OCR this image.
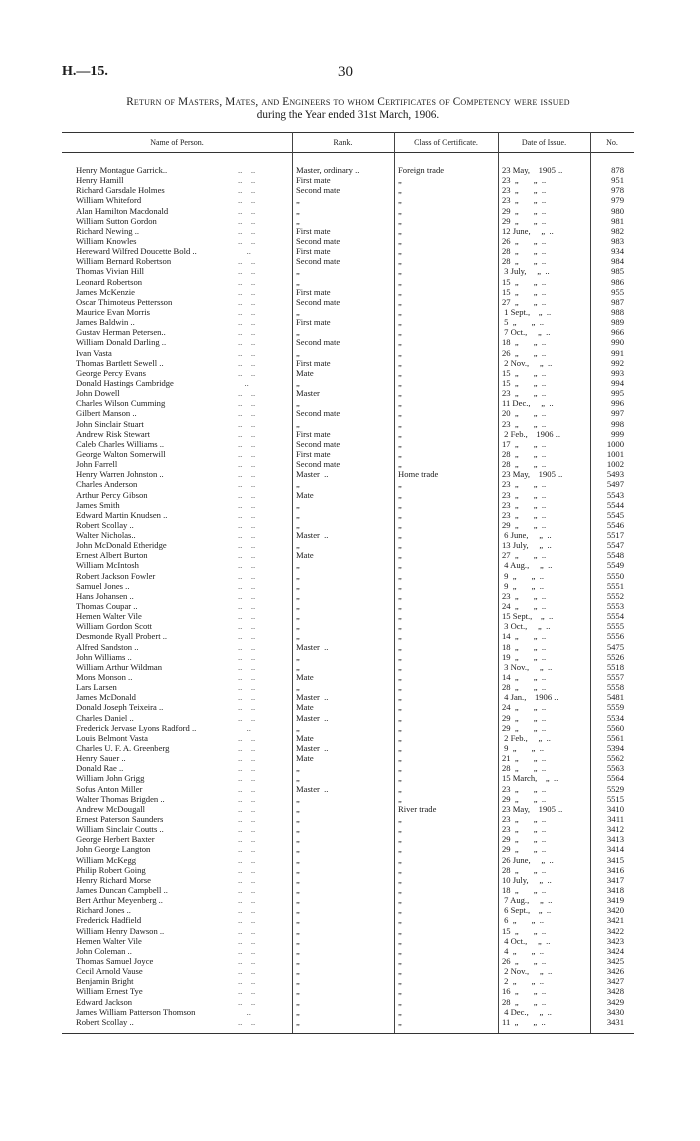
H.—15.	30
Return of Masters, Mates, and Engineers to whom Certificates of Competency were issued
during the Year ended 31st March, 1906.
Name of Person.	Rank.	Class of Certificate.	Date of Issue.	No.
Henry Montague Garrick..	..    ..	Master, ordinary ..	Foreign trade	23 May,    1905 ..	878
Henry Hamill	..    ..	First mate	„	23  „       „  ..	951
Richard Garsdale Holmes	..    ..	Second mate	„	23  „       „  ..	978
William Whiteford	..    ..	„	„	23  „       „  ..	979
Alan Hamilton Macdonald	..    ..	„	„	29  „       „  ..	980
William Sutton Gordon	..    ..	„	„	29  „       „  ..	981
Richard Newing ..	..    ..	First mate	„	12 June,     „  ..	982
William Knowles	..    ..	Second mate	„	26  „       „  ..	983
Hereward Wilfred Doucette Bold ..	..	First mate	„	28  „       „  ..	934
William Bernard Robertson	..    ..	Second mate	„	28  „       „  ..	984
Thomas Vivian Hill	..    ..	„	„	3 July,     „  ..	985
Leonard Robertson	..    ..	„	„	15  „       „  ..	986
James McKenzie	..    ..	First mate	„	15  „       „  ..	955
Oscar Thimoteus Pettersson	..    ..	Second mate	„	27  „       „  ..	987
Maurice Evan Morris	..    ..	„	„	1 Sept.,    „  ..	988
James Baldwin ..	..    ..	First mate	„	5  „       „  ..	989
Gustav Herman Petersen..	..    ..	„	„	7 Oct.,     „  ..	966
William Donald Darling ..	..    ..	Second mate	„	18  „       „  ..	990
Ivan Vasta	..    ..	„	„	26  „       „  ..	991
Thomas Bartlett Sewell ..	..    ..	First mate	„	2 Nov.,     „  ..	992
George Percy Evans	..    ..	Mate	„	15  „       „  ..	993
Donald Hastings Cambridge	..	„	„	15  „       „  ..	994
John Dowell	..    ..	Master	„	23  „       „  ..	995
Charles Wilson Cumming	..    ..	„	„	11 Dec.,     „  ..	996
Gilbert Manson ..	..    ..	Second mate	„	20  „       „  ..	997
John Sinclair Stuart	..    ..	„	„	23  „       „  ..	998
Andrew Risk Stewart	..    ..	First mate	„	2 Feb.,    1906 ..	999
Caleb Charles Williams ..	..    ..	Second mate	„	17  „       „  ..	1000
George Walton Somerwill	..    ..	First mate	„	28  „       „  ..	1001
John Farrell	..    ..	Second mate	„	28  „       „  ..	1002
Henry Warren Johnston ..	..    ..	Master  ..	Home trade	23 May,    1905 ..	5493
Charles Anderson	..    ..	„	„	23  „       „  ..	5497
Arthur Percy Gibson	..    ..	Mate	„	23  „       „  ..	5543
James Smith	..    ..	„	„	23  „       „  ..	5544
Edward Martin Knudsen ..	..    ..	„	„	23  „       „  ..	5545
Robert Scollay ..	..    ..	„	„	29  „       „  ..	5546
Walter Nicholas..	..    ..	Master  ..	„	6 June,     „  ..	5517
John McDonald Etheridge	..    ..	„	„	13 July,     „  ..	5547
Ernest Albert Burton	..    ..	Mate	„	27  „       „  ..	5548
William McIntosh	..    ..	„	„	4 Aug.,     „  ..	5549
Robert Jackson Fowler	..    ..	„	„	9  „       „  ..	5550
Samuel Jones ..	..    ..	„	„	9  „       „  ..	5551
Hans Johansen ..	..    ..	„	„	23  „       „  ..	5552
Thomas Coupar ..	..    ..	„	„	24  „       „  ..	5553
Hemen Walter Vile	..    ..	„	„	15 Sept.,    „  ..	5554
William Gordon Scott	..    ..	„	„	3 Oct.,     „  ..	5555
Desmonde Ryall Probert ..	..    ..	„	„	14  „       „  ..	5556
Alfred Sandston ..	..    ..	Master  ..	„	18  „       „  ..	5475
John Williams ..	..    ..	„	„	19  „       „  ..	5526
William Arthur Wildman	..    ..	„	„	3 Nov.,     „  ..	5518
Mons Monson ..	..    ..	Mate	„	14  „       „  ..	5557
Lars Larsen	..    ..	„	„	28  „       „  ..	5558
James McDonald	..    ..	Master  ..	„	4 Jan.,    1906 ..	5481
Donald Joseph Teixeira ..	..    ..	Mate	„	24  „       „  ..	5559
Charles Daniel ..	..    ..	Master  ..	„	29  „       „  ..	5534
Frederick Jervase Lyons Radford ..	..	„	„	29  „       „  ..	5560
Louis Belmont Vasta	..    ..	Mate	„	2 Feb.,     „  ..	5561
Charles U. F. A. Greenberg	..    ..	Master  ..	„	9  „       „  ..	5394
Henry Sauer ..	..    ..	Mate	„	21  „       „  ..	5562
Donald Rae ..	..    ..	„	„	28  „       „  ..	5563
William John Grigg	..    ..	„	„	15 March,    „  ..	5564
Sofus Anton Miller	..    ..	Master  ..	„	23  „       „  ..	5529
Walter Thomas Brigden ..	..    ..	„	„	29  „       „  ..	5515
Andrew McDougall	..    ..	„	River trade	23 May,    1905 ..	3410
Ernest Paterson Saunders	..    ..	„	„	23  „       „  ..	3411
William Sinclair Coutts ..	..    ..	„	„	23  „       „  ..	3412
George Herbert Baxter	..    ..	„	„	29  „       „  ..	3413
John George Langton	..    ..	„	„	29  „       „  ..	3414
William McKegg	..    ..	„	„	26 June,     „  ..	3415
Philip Robert Going	..    ..	„	„	28  „       „  ..	3416
Henry Richard Morse	..    ..	„	„	10 July,     „  ..	3417
James Duncan Campbell ..	..    ..	„	„	18  „       „  ..	3418
Bert Arthur Meyenberg ..	..    ..	„	„	7 Aug.,     „  ..	3419
Richard Jones ..	..    ..	„	„	6 Sept.,    „  ..	3420
Frederick Hadfield	..    ..	„	„	6  „       „  ..	3421
William Henry Dawson ..	..    ..	„	„	15  „       „  ..	3422
Hemen Walter Vile	..    ..	„	„	4 Oct.,     „  ..	3423
John Coleman ..	..    ..	„	„	4  „       „  ..	3424
Thomas Samuel Joyce	..    ..	„	„	26  „       „  ..	3425
Cecil Arnold Vause	..    ..	„	„	2 Nov.,     „  ..	3426
Benjamin Bright	..    ..	„	„	2  „       „  ..	3427
William Ernest Tye	..    ..	„	„	16  „       „  ..	3428
Edward Jackson	..    ..	„	„	28  „       „  ..	3429
James William Patterson Thomson	..	„	„	4 Dec.,     „  ..	3430
Robert Scollay ..	..    ..	„	„	11  „       „  ..	3431
